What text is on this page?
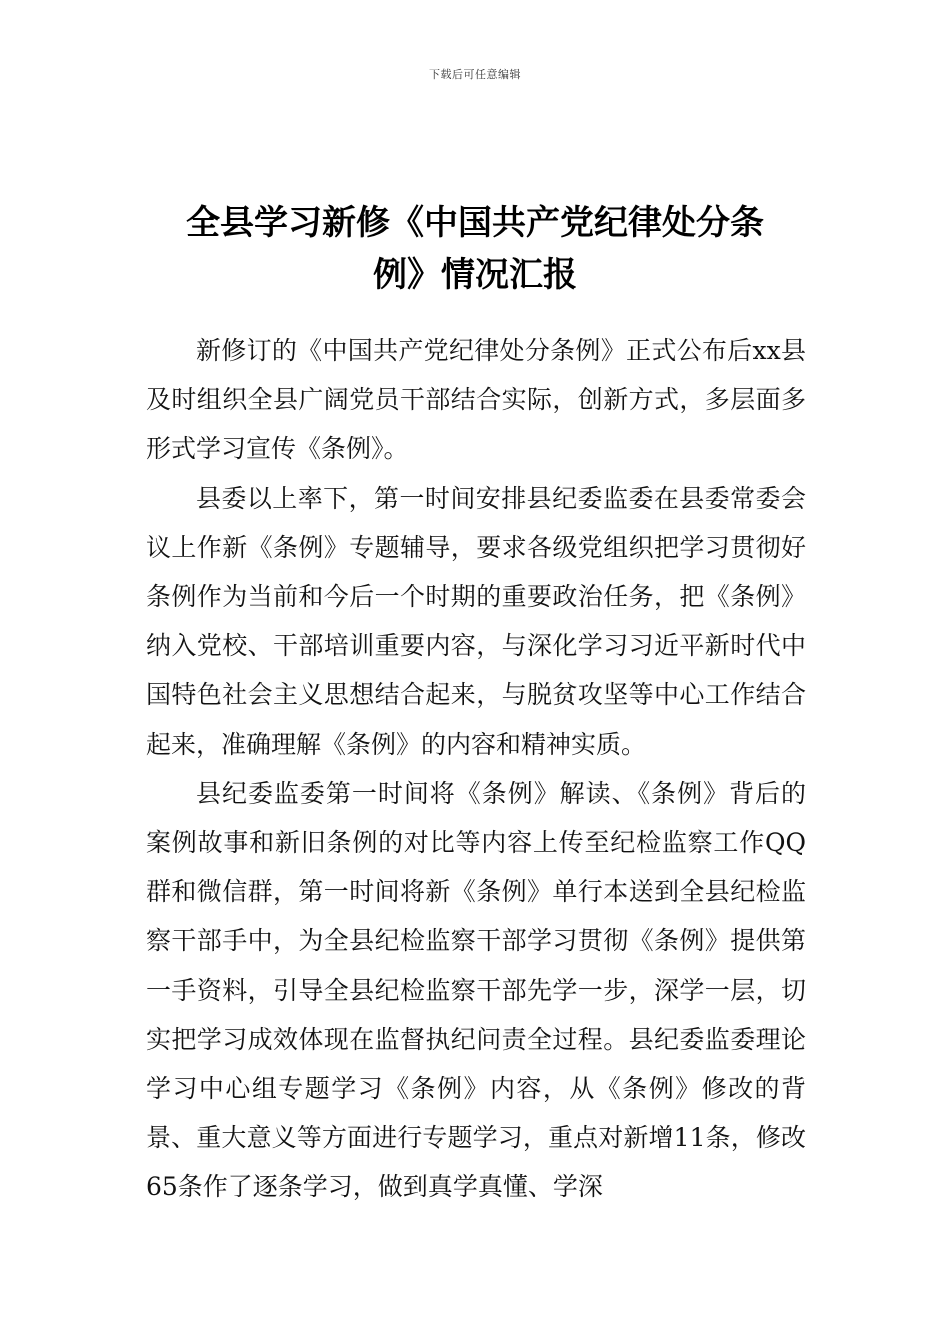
下载后可任意编辑
全县学习新修《中国共产党纪律处分条
例》情况汇报

新修订的《中国共产党纪律处分条例》正式公布后xx县及时组织全县广阔党员干部结合实际，创新方式，多层面多形式学习宣传《条例》。

县委以上率下，第一时间安排县纪委监委在县委常委会议上作新《条例》专题辅导，要求各级党组织把学习贯彻好条例作为当前和今后一个时期的重要政治任务，把《条例》纳入党校、干部培训重要内容，与深化学习习近平新时代中国特色社会主义思想结合起来，与脱贫攻坚等中心工作结合起来，准确理解《条例》的内容和精神实质。

县纪委监委第一时间将《条例》解读、《条例》背后的案例故事和新旧条例的对比等内容上传至纪检监察工作QQ群和微信群，第一时间将新《条例》单行本送到全县纪检监察干部手中，为全县纪检监察干部学习贯彻《条例》提供第一手资料，引导全县纪检监察干部先学一步，深学一层，切实把学习成效体现在监督执纪问责全过程。县纪委监委理论学习中心组专题学习《条例》内容，从《条例》修改的背景、重大意义等方面进行专题学习，重点对新增11条，修改65条作了逐条学习，做到真学真懂、学深
